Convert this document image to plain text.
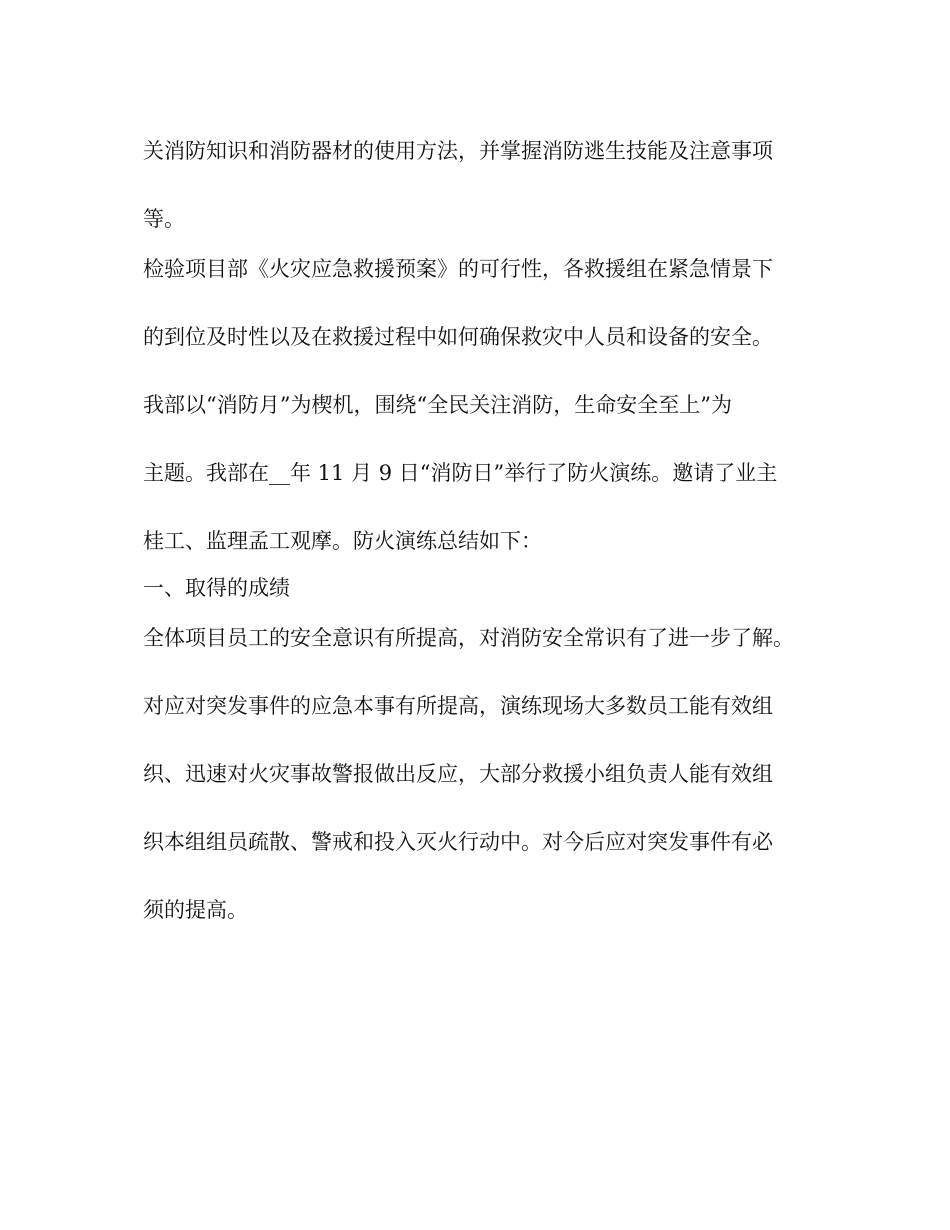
关消防知识和消防器材的使用方法，并掌握消防逃生技能及注意事项
等。
检验项目部《火灾应急救援预案》的可行性，各救援组在紧急情景下
的到位及时性以及在救援过程中如何确保救灾中人员和设备的安全。
我部以“消防月”为楔机，围绕“全民关注消防，生命安全至上”为
主题。我部在__年 11 月 9 日“消防日”举行了防火演练。邀请了业主
桂工、监理孟工观摩。防火演练总结如下：
一、取得的成绩
全体项目员工的安全意识有所提高，对消防安全常识有了进一步了解。
对应对突发事件的应急本事有所提高，演练现场大多数员工能有效组
织、迅速对火灾事故警报做出反应，大部分救援小组负责人能有效组
织本组组员疏散、警戒和投入灭火行动中。对今后应对突发事件有必
须的提高。
